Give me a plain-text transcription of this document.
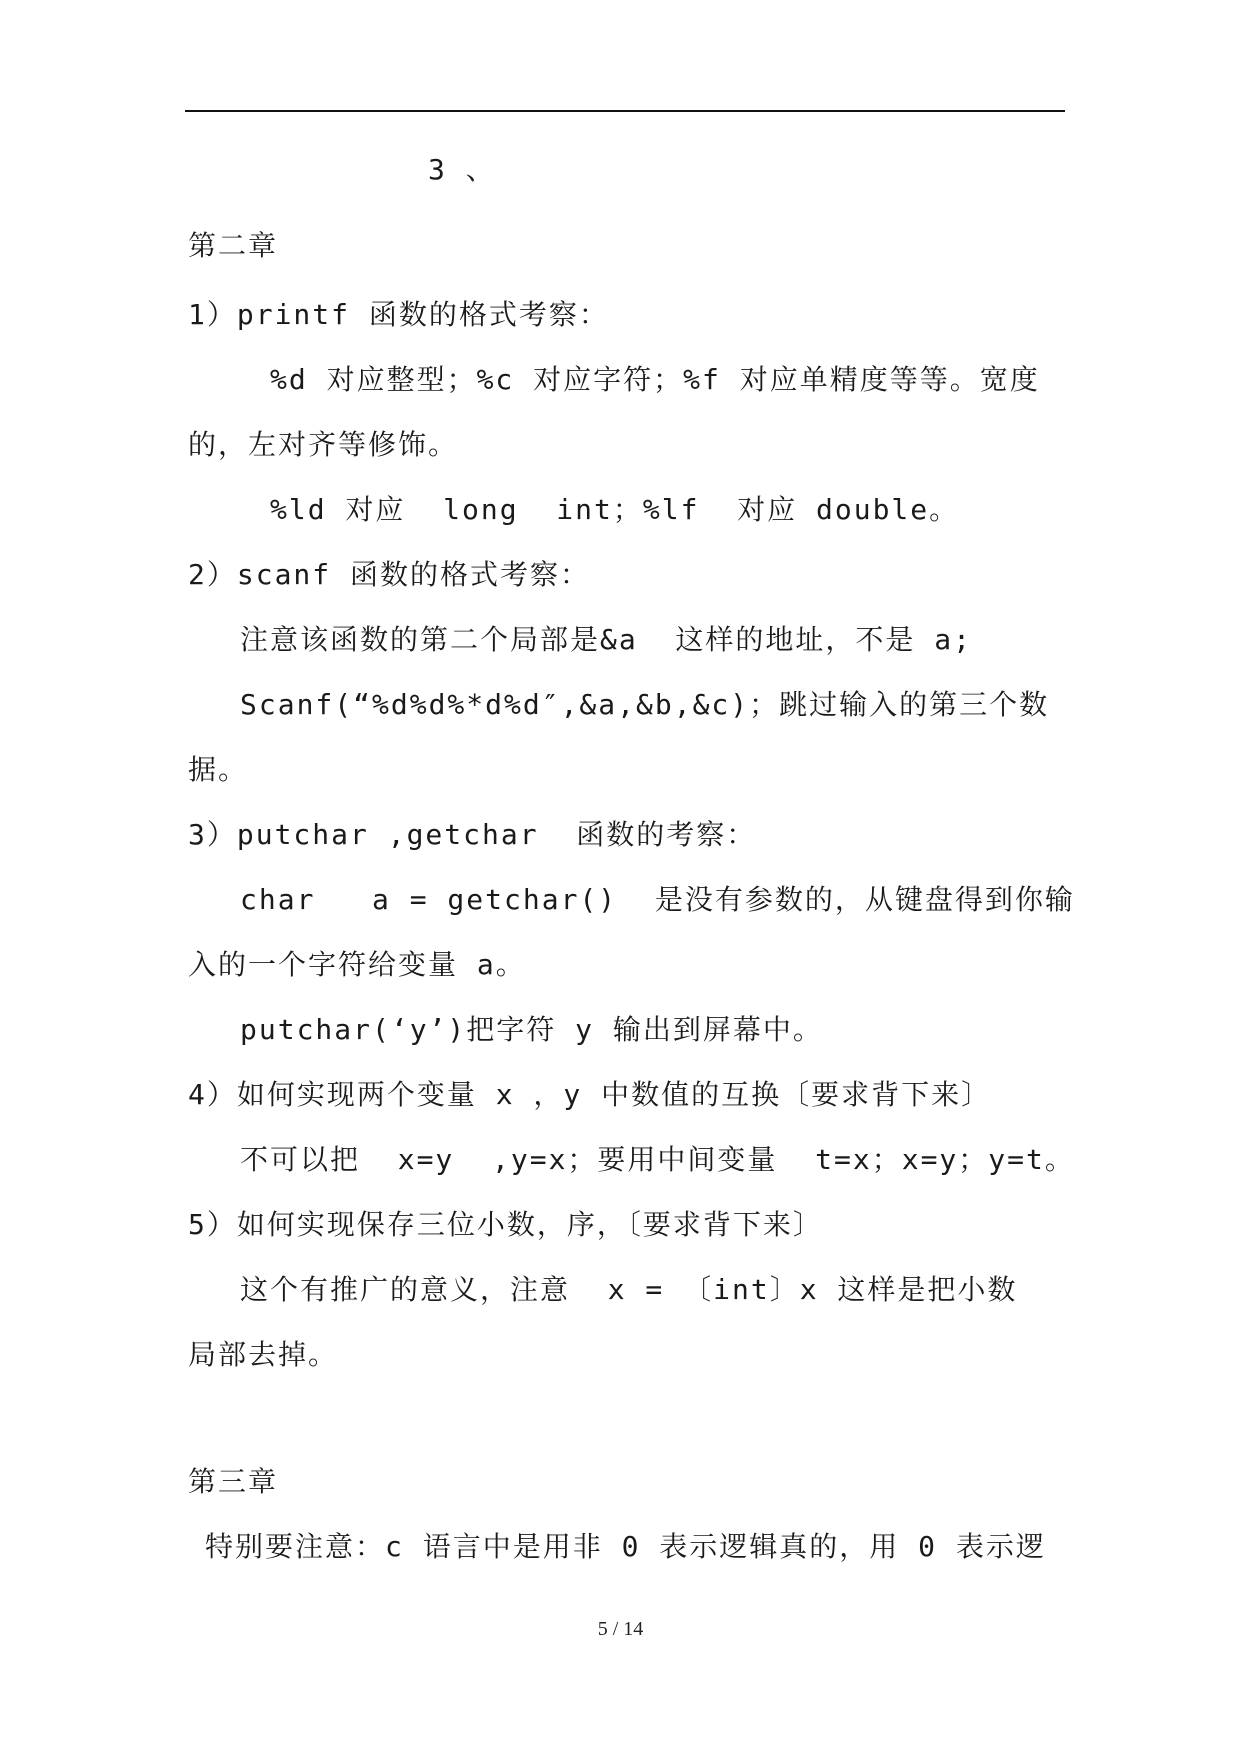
3 、
第二章
1）printf 函数的格式考察：
%d 对应整型；%c 对应字符；%f 对应单精度等等。宽度
的，左对齐等修饰。
%ld 对应  long  int；%lf  对应 double。
2）scanf 函数的格式考察：
注意该函数的第二个局部是&a  这样的地址，不是 a;
Scanf(“%d%d%*d%d″,&a,&b,&c)；跳过输入的第三个数
据。
3）putchar ,getchar  函数的考察：
char   a = getchar()  是没有参数的，从键盘得到你输
入的一个字符给变量 a。
putchar(‘y’)把字符 y 输出到屏幕中。
4）如何实现两个变量 x ，y 中数值的互换〔要求背下来〕
不可以把  x=y  ,y=x；要用中间变量  t=x；x=y；y=t。
5）如何实现保存三位小数，序，〔要求背下来〕
这个有推广的意义，注意  x = 〔int〕x 这样是把小数
局部去掉。
第三章
特别要注意：c 语言中是用非 0 表示逻辑真的，用 0 表示逻
5 / 14
